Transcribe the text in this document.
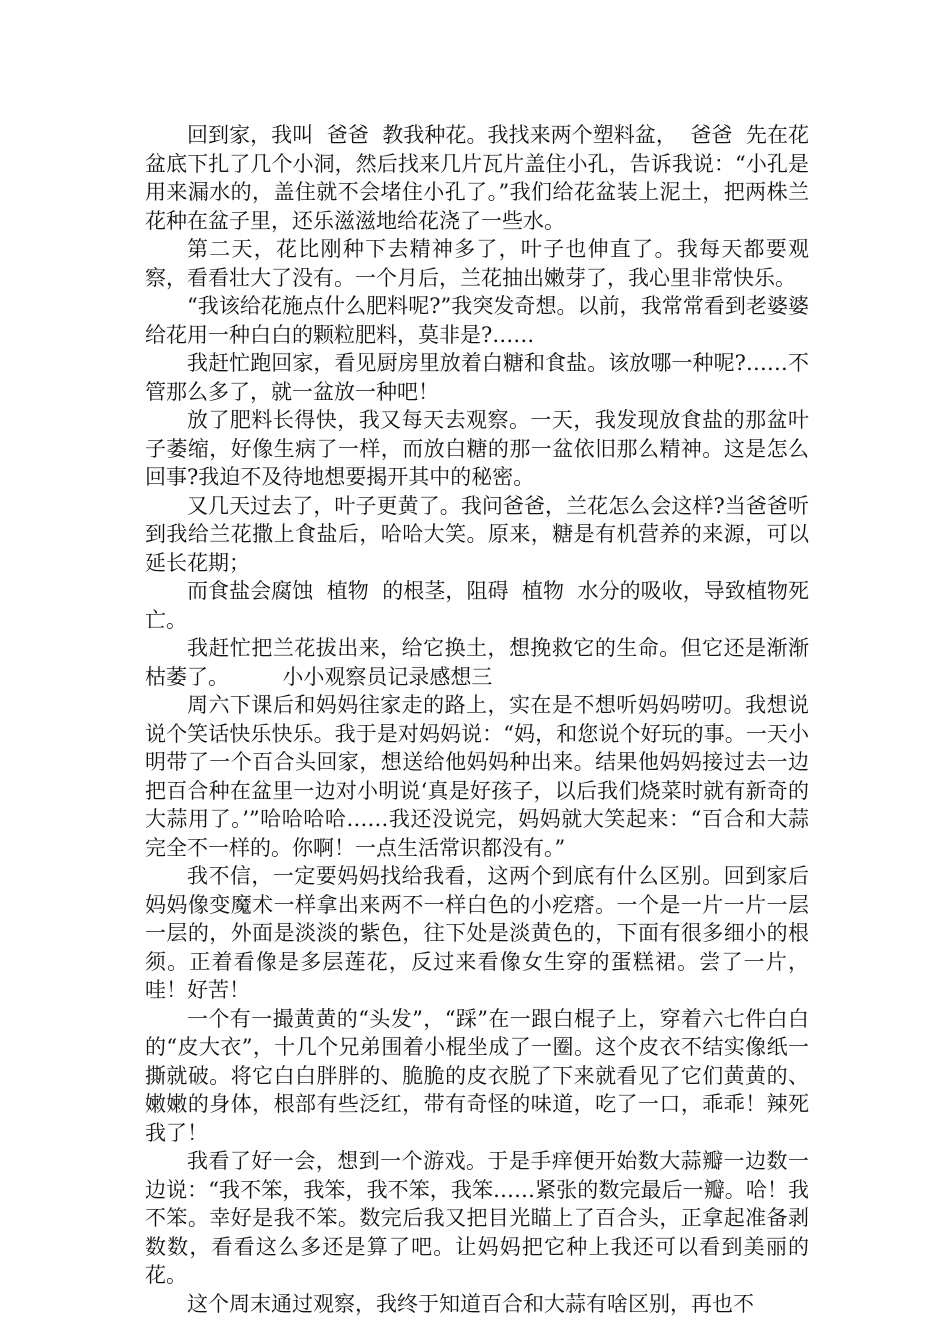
回到家，我叫  爸爸  教我种花。我找来两个塑料盆，  爸爸  先在花盆底下扎了几个小洞，然后找来几片瓦片盖住小孔，告诉我说：“小孔是用来漏水的，盖住就不会堵住小孔了。”我们给花盆装上泥土，把两株兰花种在盆子里，还乐滋滋地给花浇了一些水。

第二天，花比刚种下去精神多了，叶子也伸直了。我每天都要观察，看看壮大了没有。一个月后，兰花抽出嫩芽了，我心里非常快乐。

“我该给花施点什么肥料呢?”我突发奇想。以前，我常常看到老婆婆给花用一种白白的颗粒肥料，莫非是?……

我赶忙跑回家，看见厨房里放着白糖和食盐。该放哪一种呢?……不管那么多了，就一盆放一种吧！

放了肥料长得快，我又每天去观察。一天，我发现放食盐的那盆叶子萎缩，好像生病了一样，而放白糖的那一盆依旧那么精神。这是怎么回事?我迫不及待地想要揭开其中的秘密。

又几天过去了，叶子更黄了。我问爸爸，兰花怎么会这样?当爸爸听到我给兰花撒上食盐后，哈哈大笑。原来，糖是有机营养的来源，可以延长花期；

而食盐会腐蚀  植物  的根茎，阻碍  植物  水分的吸收，导致植物死亡。

我赶忙把兰花拔出来，给它换土，想挽救它的生命。但它还是渐渐枯萎了。        小小观察员记录感想三

周六下课后和妈妈往家走的路上，实在是不想听妈妈唠叨。我想说说个笑话快乐快乐。我于是对妈妈说：“妈，和您说个好玩的事。一天小明带了一个百合头回家，想送给他妈妈种出来。结果他妈妈接过去一边把百合种在盆里一边对小明说‘真是好孩子，以后我们烧菜时就有新奇的大蒜用了。’”哈哈哈哈……我还没说完，妈妈就大笑起来：“百合和大蒜完全不一样的。你啊！一点生活常识都没有。”

我不信，一定要妈妈找给我看，这两个到底有什么区别。回到家后妈妈像变魔术一样拿出来两不一样白色的小疙瘩。一个是一片一片一层一层的，外面是淡淡的紫色，往下处是淡黄色的，下面有很多细小的根须。正着看像是多层莲花，反过来看像女生穿的蛋糕裙。尝了一片，哇！好苦！

一个有一撮黄黄的“头发”，“踩”在一跟白棍子上，穿着六七件白白的“皮大衣”，十几个兄弟围着小棍坐成了一圈。这个皮衣不结实像纸一撕就破。将它白白胖胖的、脆脆的皮衣脱了下来就看见了它们黄黄的、嫩嫩的身体，根部有些泛红，带有奇怪的味道，吃了一口，乖乖！辣死我了！

我看了好一会，想到一个游戏。于是手痒便开始数大蒜瓣一边数一边说：“我不笨，我笨，我不笨，我笨……紧张的数完最后一瓣。哈！我不笨。幸好是我不笨。数完后我又把目光瞄上了百合头，正拿起准备剥数数，看看这么多还是算了吧。让妈妈把它种上我还可以看到美丽的花。

这个周末通过观察，我终于知道百合和大蒜有啥区别，再也不
